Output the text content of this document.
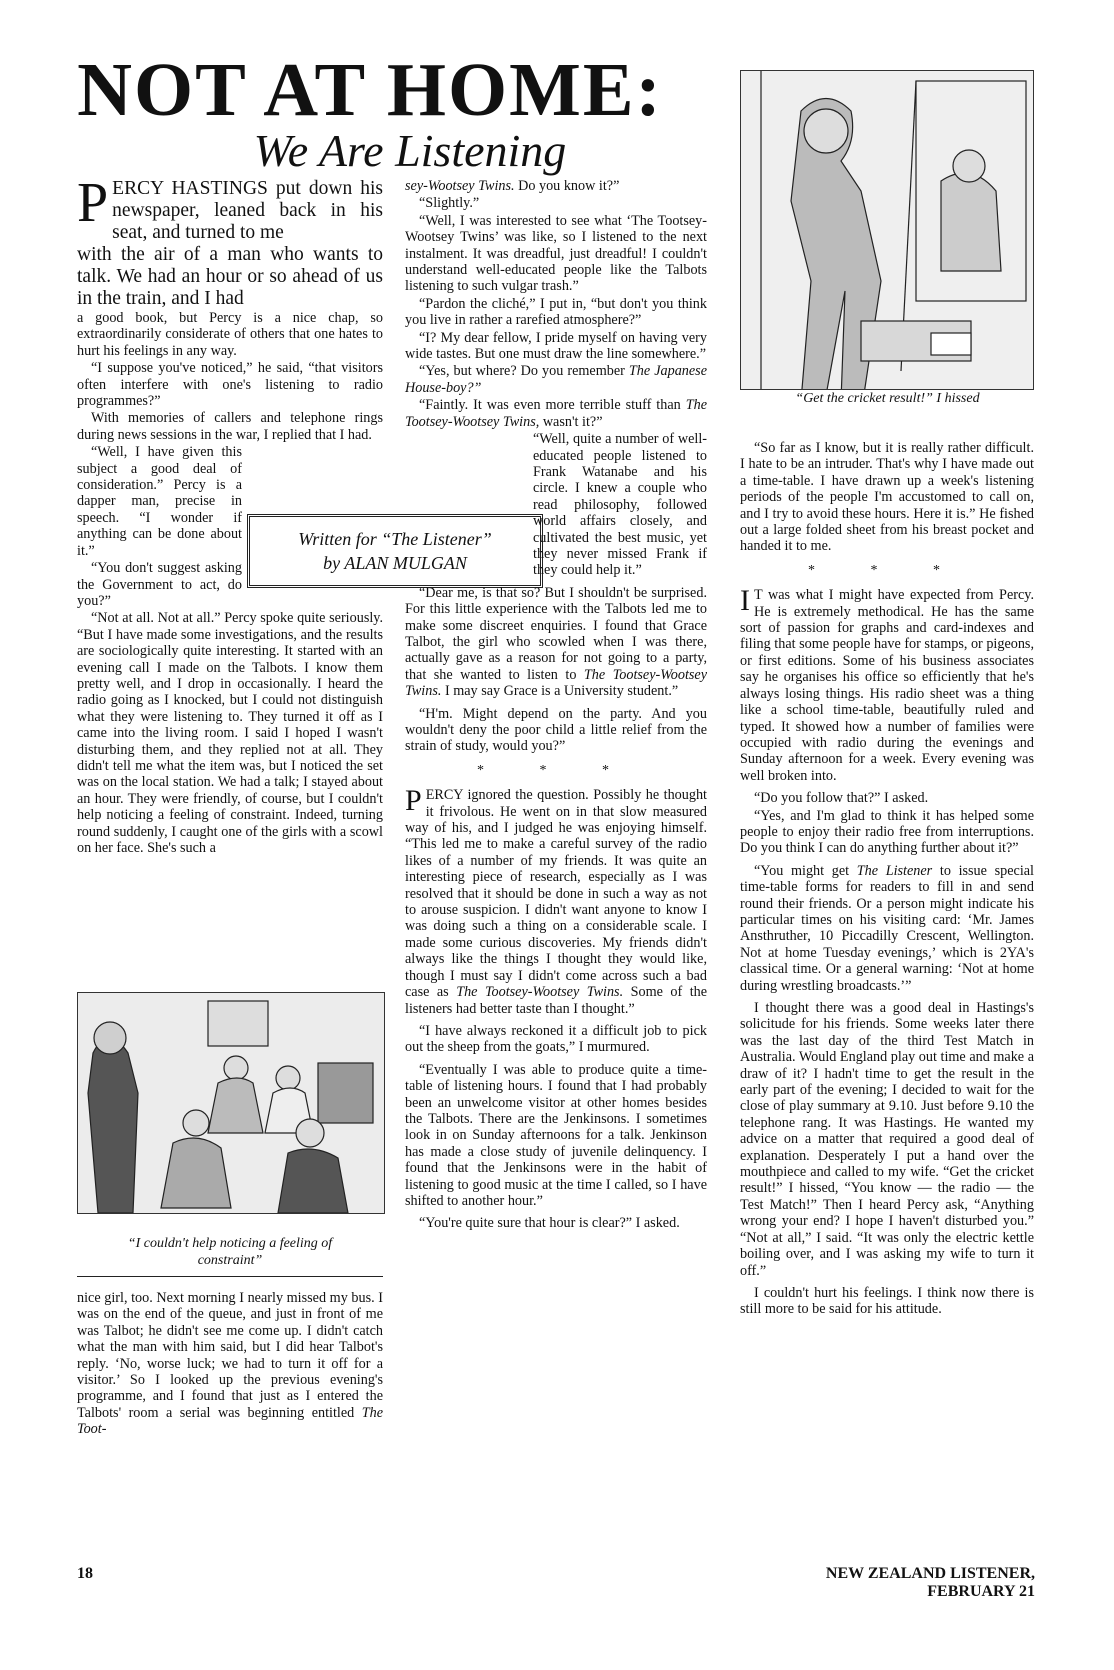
NOT AT HOME:
We Are Listening
“Get the cricket result!” I hissed
P ERCY HASTINGS put down his newspaper, leaned back in his seat, and turned to me
with the air of a man who wants to talk. We had an hour or so ahead of us in the train, and I had

a good book, but Percy is a nice chap, so extraordinarily considerate of others that one hates to hurt his feelings in any way.

“I suppose you've noticed,” he said, “that visitors often interfere with one's listening to radio programmes?”

With memories of callers and telephone rings during news sessions in the war, I replied that I had.

“Well, I have given this subject a good deal of consideration.” Percy is a dapper man, precise in speech. “I wonder if anything can be done about it.”

“You don't suggest asking the Government to act, do you?”

“Not at all. Not at all.” Percy spoke quite seriously. “But I have made some investigations, and the results are sociologically quite interesting. It started with an evening call I made on the Talbots. I know them pretty well, and I drop in occasionally. I heard the radio going as I knocked, but I could not distinguish what they were listening to. They turned it off as I came into the living room. I said I hoped I wasn't disturbing them, and they replied not at all. They didn't tell me what the item was, but I noticed the set was on the local station. We had a talk; I stayed about an hour. They were friendly, of course, but I couldn't help noticing a feeling of constraint. Indeed, turning round suddenly, I caught one of the girls with a scowl on her face. She's such a

“I couldn't help noticing a feeling of constraint”

nice girl, too. Next morning I nearly missed my bus. I was on the end of the queue, and just in front of me was Talbot; he didn't see me come up. I didn't catch what the man with him said, but I did hear Talbot's reply. ‘No, worse luck; we had to turn it off for a visitor.’ So I looked up the previous evening's programme, and I found that just as I entered the Talbots' room a serial was beginning entitled The Toot-

Written for “The Listener”
by ALAN MULGAN

sey-Wootsey Twins. Do you know it?”

“Slightly.”

“Well, I was interested to see what ‘The Tootsey-Wootsey Twins’ was like, so I listened to the next instalment. It was dreadful, just dreadful! I couldn't understand well-educated people like the Talbots listening to such vulgar trash.”

“Pardon the cliché,” I put in, “but don't you think you live in rather a rarefied atmosphere?”

“I? My dear fellow, I pride myself on having very wide tastes. But one must draw the line somewhere.”

“Yes, but where? Do you remember The Japanese House-boy?”

“Faintly. It was even more terrible stuff than The Tootsey-Wootsey Twins, wasn't it?”

“Well, quite a number of well-educated people listened to Frank Watanabe and his circle. I knew a couple who read philosophy, followed world affairs closely, and cultivated the best music, yet they never missed Frank if they could help it.”

“Dear me, is that so? But I shouldn't be surprised. For this little experience with the Talbots led me to make some discreet enquiries. I found that Grace Talbot, the girl who scowled when I was there, actually gave as a reason for not going to a party, that she wanted to listen to The Tootsey-Wootsey Twins. I may say Grace is a University student.”

“H'm. Might depend on the party. And you wouldn't deny the poor child a little relief from the strain of study, would you?”

* * *

PERCY ignored the question. Possibly he thought it frivolous. He went on in that slow measured way of his, and I judged he was enjoying himself. “This led me to make a careful survey of the radio likes of a number of my friends. It was quite an interesting piece of research, especially as I was resolved that it should be done in such a way as not to arouse suspicion. I didn't want anyone to know I was doing such a thing on a considerable scale. I made some curious discoveries. My friends didn't always like the things I thought they would like, though I must say I didn't come across such a bad case as The Tootsey-Wootsey Twins. Some of the listeners had better taste than I thought.”

“I have always reckoned it a difficult job to pick out the sheep from the goats,” I murmured.

“Eventually I was able to produce quite a time-table of listening hours. I found that I had probably been an unwelcome visitor at other homes besides the Talbots. There are the Jenkinsons. I sometimes look in on Sunday afternoons for a talk. Jenkinson has made a close study of juvenile delinquency. I found that the Jenkinsons were in the habit of listening to good music at the time I called, so I have shifted to another hour.”

“You're quite sure that hour is clear?” I asked.

“So far as I know, but it is really rather difficult. I hate to be an intruder. That's why I have made out a time-table. I have drawn up a week's listening periods of the people I'm accustomed to call on, and I try to avoid these hours. Here it is.” He fished out a large folded sheet from his breast pocket and handed it to me.

* * *

I T was what I might have expected from Percy. He is extremely methodical. He has the same sort of passion for graphs and card-indexes and filing that some people have for stamps, or pigeons, or first editions. Some of his business associates say he organises his office so efficiently that he's always losing things. His radio sheet was a thing like a school time-table, beautifully ruled and typed. It showed how a number of families were occupied with radio during the evenings and Sunday afternoon for a week. Every evening was well broken into.

“Do you follow that?” I asked.

“Yes, and I'm glad to think it has helped some people to enjoy their radio free from interruptions. Do you think I can do anything further about it?”

“You might get The Listener to issue special time-table forms for readers to fill in and send round their friends. Or a person might indicate his particular times on his visiting card: ‘Mr. James Ansthruther, 10 Piccadilly Crescent, Wellington. Not at home Tuesday evenings,’ which is 2YA's classical time. Or a general warning: ‘Not at home during wrestling broadcasts.’”

I thought there was a good deal in Hastings's solicitude for his friends. Some weeks later there was the last day of the third Test Match in Australia. Would England play out time and make a draw of it? I hadn't time to get the result in the early part of the evening; I decided to wait for the close of play summary at 9.10. Just before 9.10 the telephone rang. It was Hastings. He wanted my advice on a matter that required a good deal of explanation. Desperately I put a hand over the mouthpiece and called to my wife. “Get the cricket result!” I hissed, “You know — the radio — the Test Match!” Then I heard Percy ask, “Anything wrong your end? I hope I haven't disturbed you.” “Not at all,” I said. “It was only the electric kettle boiling over, and I was asking my wife to turn it off.”

I couldn't hurt his feelings. I think now there is still more to be said for his attitude.

18	NEW ZEALAND LISTENER, FEBRUARY 21
